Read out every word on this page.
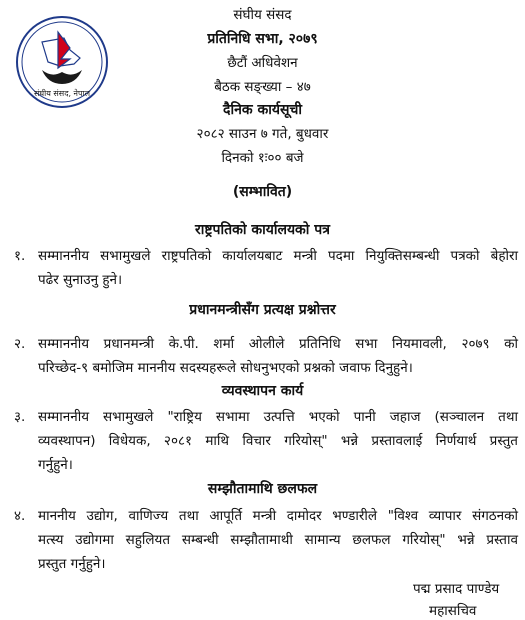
संघीय संसद, नेपाल
संघीय संसद
प्रतिनिधि सभा, २०७९
छैटौं अधिवेशन
बैठक सङ्ख्या – ४७
दैनिक कार्यसूची
२०८२ साउन ७ गते, बुधवार
दिनको १ः०० बजे
(सम्भावित)
राष्ट्रपतिको कार्यालयको पत्र
१. सम्माननीय सभामुखले राष्ट्रपतिको कार्यालयबाट मन्त्री पदमा नियुक्तिसम्बन्धी पत्रको बेहोरा
पढेर सुनाउनु हुने।
प्रधानमन्त्रीसँग प्रत्यक्ष प्रश्नोत्तर
२. सम्माननीय प्रधानमन्त्री के.पी. शर्मा ओलीले प्रतिनिधि सभा नियमावली, २०७९ को
परिच्छेद-९ बमोजिम माननीय सदस्यहरूले सोधनुभएको प्रश्नको जवाफ दिनुहुने।
व्यवस्थापन कार्य
३. सम्माननीय सभामुखले "राष्ट्रिय सभामा उत्पत्ति भएको पानी जहाज (सञ्चालन तथा
व्यवस्थापन) विधेयक, २०८१ माथि विचार गरियोस्" भन्ने प्रस्तावलाई निर्णयार्थ प्रस्तुत
गर्नुहुने।
सम्झौतामाथि छलफल
४. माननीय उद्योग, वाणिज्य तथा आपूर्ति मन्त्री दामोदर भण्डारीले "विश्व व्यापार संगठनको
मत्स्य उद्योगमा सहुलियत सम्बन्धी सम्झौतामाथी सामान्य छलफल गरियोस्" भन्ने प्रस्ताव
प्रस्तुत गर्नुहुने।
पद्म प्रसाद पाण्डेय
महासचिव
